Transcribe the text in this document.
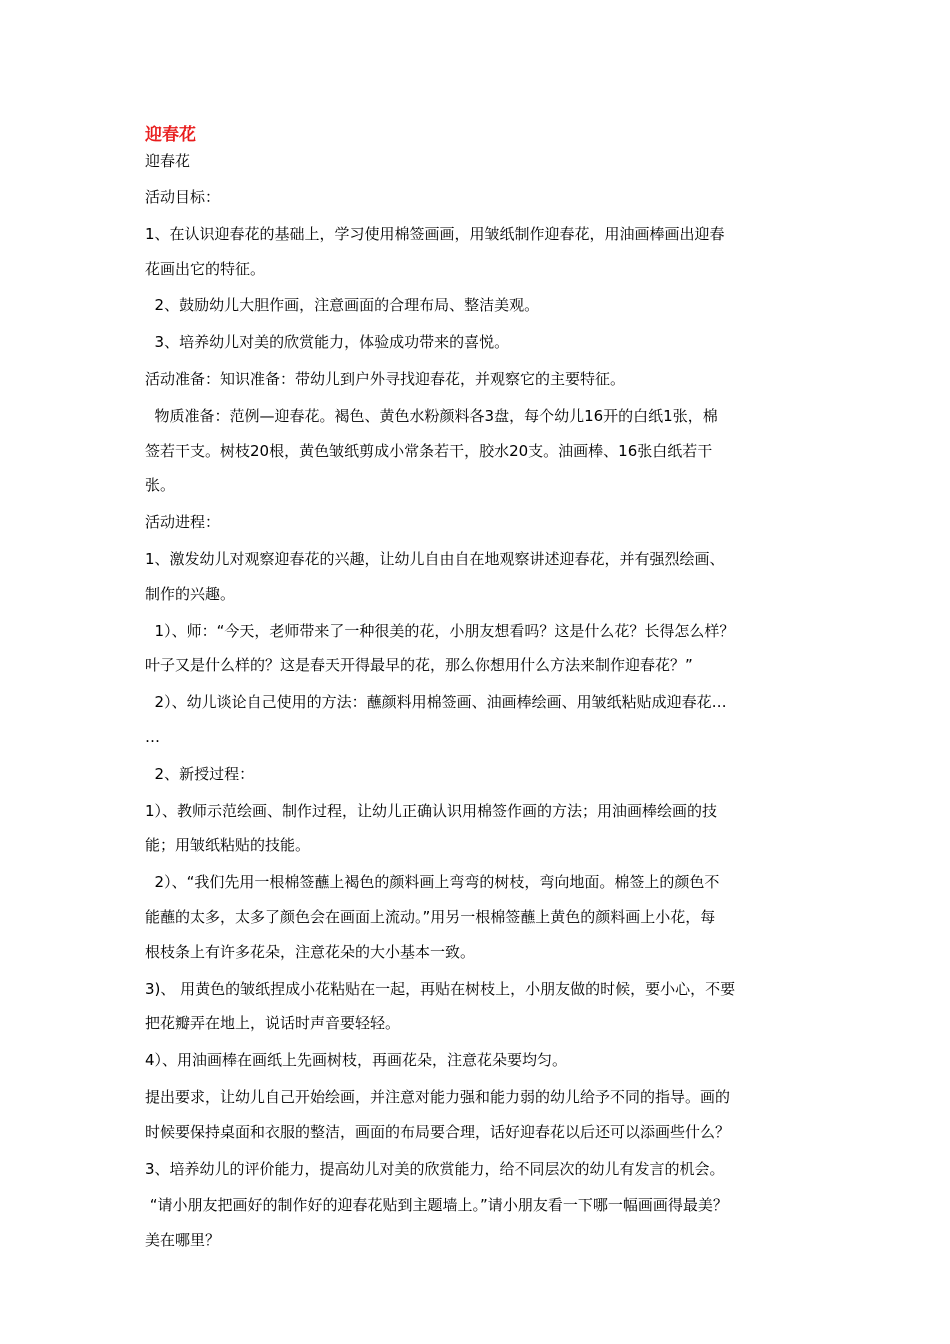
迎春花
迎春花
活动目标：
1、在认识迎春花的基础上，学习使用棉签画画，用皱纸制作迎春花，用油画棒画出迎春
花画出它的特征。
2、鼓励幼儿大胆作画，注意画面的合理布局、整洁美观。
3、培养幼儿对美的欣赏能力，体验成功带来的喜悦。
活动准备：知识准备：带幼儿到户外寻找迎春花，并观察它的主要特征。
物质准备：范例—迎春花。褐色、黄色水粉颜料各3盘，每个幼儿16开的白纸1张，棉
签若干支。树枝20根，黄色皱纸剪成小常条若干，胶水20支。油画棒、16张白纸若干
张。
活动进程：
1、激发幼儿对观察迎春花的兴趣，让幼儿自由自在地观察讲述迎春花，并有强烈绘画、
制作的兴趣。
1）、师：“今天，老师带来了一种很美的花，小朋友想看吗？这是什么花？长得怎么样？
叶子又是什么样的？这是春天开得最早的花，那么你想用什么方法来制作迎春花？”
2）、幼儿谈论自己使用的方法：蘸颜料用棉签画、油画棒绘画、用皱纸粘贴成迎春花…
…
2、新授过程：
1）、教师示范绘画、制作过程，让幼儿正确认识用棉签作画的方法；用油画棒绘画的技
能；用皱纸粘贴的技能。
2）、“我们先用一根棉签蘸上褐色的颜料画上弯弯的树枝，弯向地面。棉签上的颜色不
能蘸的太多，太多了颜色会在画面上流动。”用另一根棉签蘸上黄色的颜料画上小花，每
根枝条上有许多花朵，注意花朵的大小基本一致。
3)、 用黄色的皱纸捏成小花粘贴在一起，再贴在树枝上，小朋友做的时候，要小心，不要
把花瓣弄在地上，说话时声音要轻轻。
4）、用油画棒在画纸上先画树枝，再画花朵，注意花朵要均匀。
提出要求，让幼儿自己开始绘画，并注意对能力强和能力弱的幼儿给予不同的指导。画的
时候要保持桌面和衣服的整洁，画面的布局要合理，话好迎春花以后还可以添画些什么？
3、培养幼儿的评价能力，提高幼儿对美的欣赏能力，给不同层次的幼儿有发言的机会。
“请小朋友把画好的制作好的迎春花贴到主题墙上。”请小朋友看一下哪一幅画画得最美？
美在哪里？
